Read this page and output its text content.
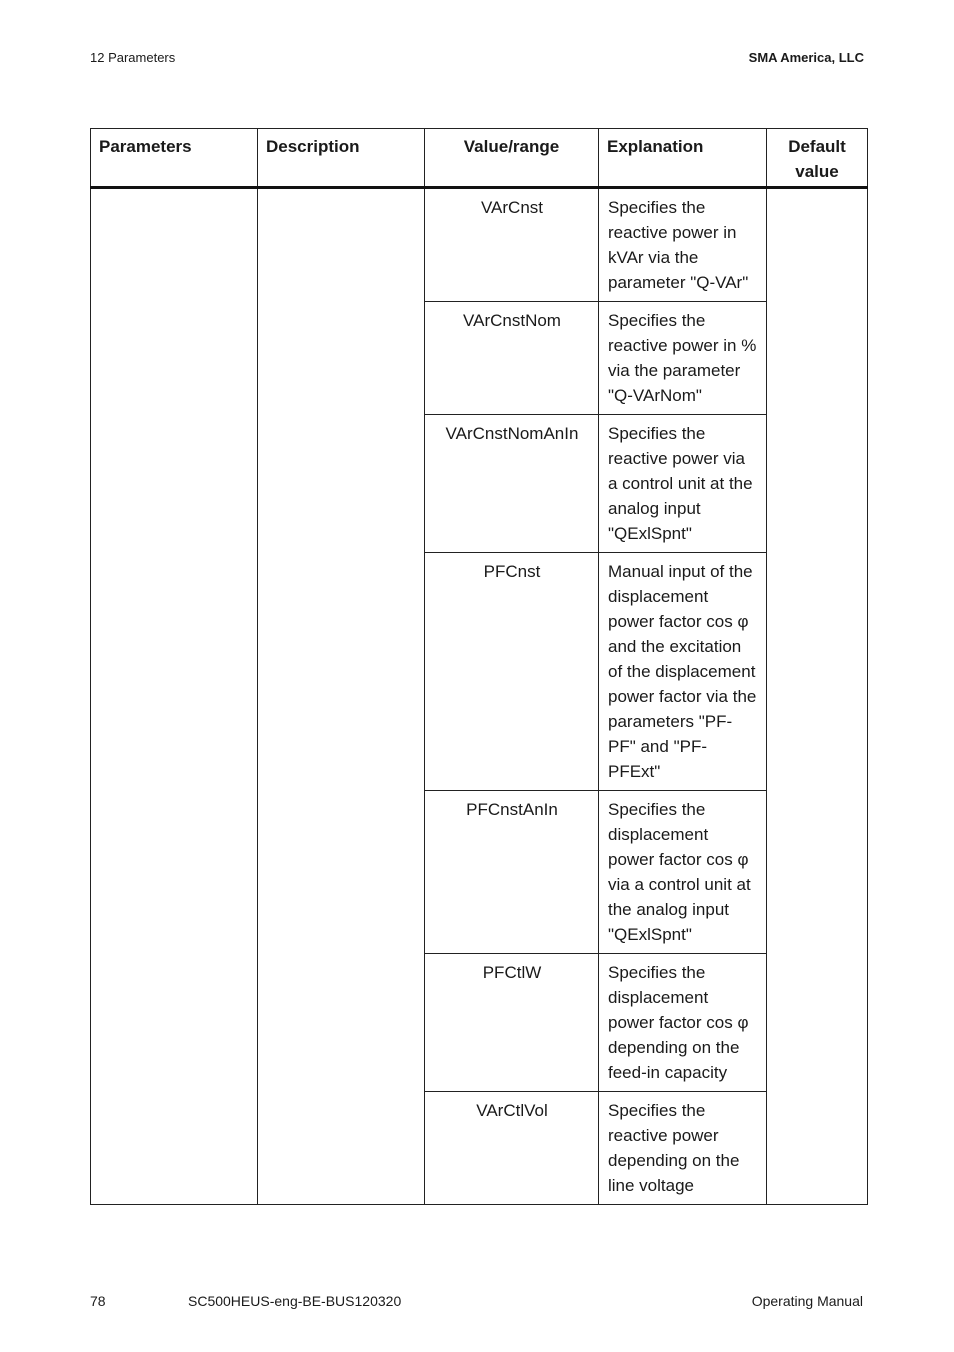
12 Parameters	SMA America, LLC
Parameters	Description	Value/range	Explanation	Default value
		VArCnst	Specifies the reactive power in kVAr via the parameter "Q-VAr"	
		VArCnstNom	Specifies the reactive power in % via the parameter "Q-VArNom"	
		VArCnstNomAnIn	Specifies the reactive power via a control unit at the analog input "QExlSpnt"	
		PFCnst	Manual input of the displacement power factor cos φ and the excitation of the displacement power factor via the parameters "PF-PF" and "PF-PFExt"	
		PFCnstAnIn	Specifies the displacement power factor cos φ via a control unit at the analog input "QExlSpnt"	
		PFCtlW	Specifies the displacement power factor cos φ depending on the feed-in capacity	
		VArCtlVol	Specifies the reactive power depending on the line voltage	
78	SC500HEUS-eng-BE-BUS120320	Operating Manual
